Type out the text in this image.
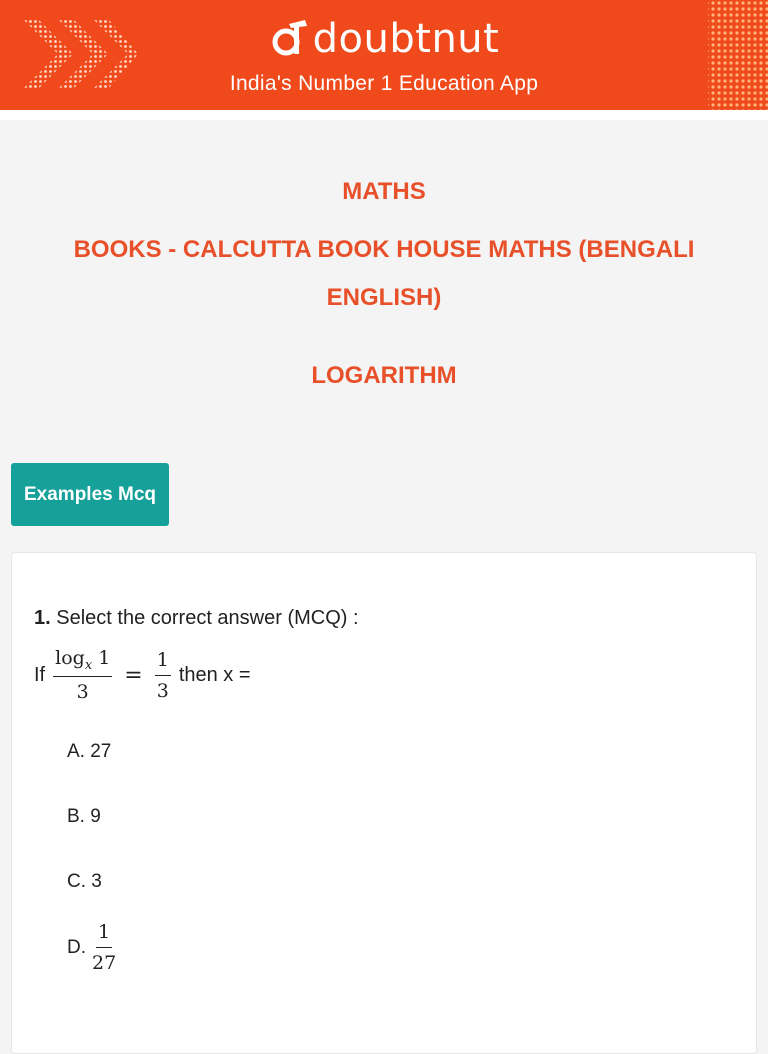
doubtnut
India's Number 1 Education App

MATHS

BOOKS - CALCUTTA BOOK HOUSE MATHS (BENGALI ENGLISH)

LOGARITHM

Examples Mcq
1. Select the correct answer (MCQ) :
If $\frac{\log_x 1}{3} = \frac{1}{3}$ then x =
A.
27
B.
9
C.
3
D. $\frac{1}{27}$
